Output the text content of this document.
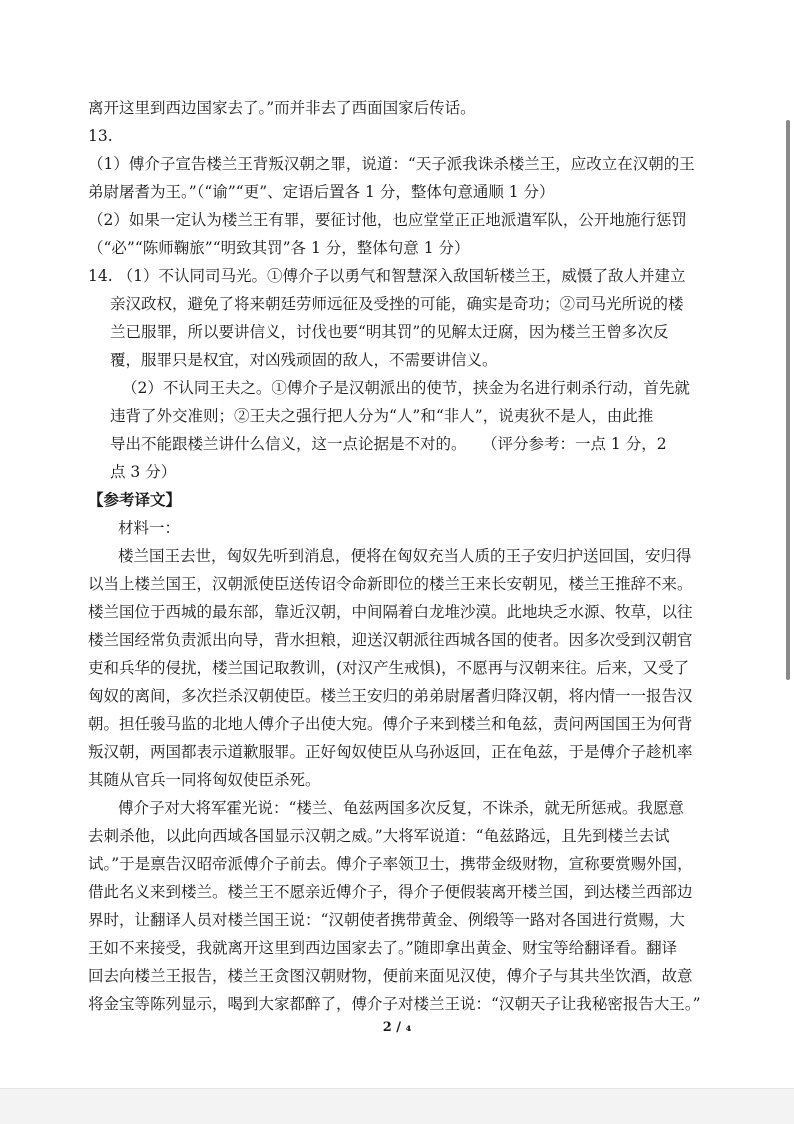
离开这里到西边国家去了。”而并非去了西面国家后传话。
13.
（1）傅介子宣告楼兰王背叛汉朝之罪，说道：“天子派我诛杀楼兰王，应改立在汉朝的王
弟尉屠耆为王。”（“谕”“更”、定语后置各 1 分，整体句意通顺 1 分）
（2）如果一定认为楼兰王有罪，要征讨他，也应堂堂正正地派遣军队，公开地施行惩罚
（“必”“陈师鞠旅”“明致其罚”各 1 分，整体句意 1 分）
14. （1）不认同司马光。①傅介子以勇气和智慧深入敌国斩楼兰王，威慑了敌人并建立
亲汉政权，避免了将来朝廷劳师远征及受挫的可能，确实是奇功；②司马光所说的楼
兰已服罪，所以要讲信义，讨伐也要“明其罚”的见解太迂腐，因为楼兰王曾多次反
覆，服罪只是权宜，对凶残顽固的敌人，不需要讲信义。
（2）不认同王夫之。①傅介子是汉朝派出的使节，挟金为名进行刺杀行动，首先就
违背了外交准则；②王夫之强行把人分为“人”和“非人”，说夷狄不是人，由此推
导出不能跟楼兰讲什么信义，这一点论据是不对的。　　（评分参考：一点 1 分，2
点 3 分）
【参考译文】
材料一：
楼兰国王去世，匈奴先听到消息，便将在匈奴充当人质的王子安归护送回国，安归得
以当上楼兰国王，汉朝派使臣送传诏令命新即位的楼兰王来长安朝见，楼兰王推辞不来。
楼兰国位于西城的最东部，靠近汉朝，中间隔着白龙堆沙漠。此地块乏水源、牧草，以往
楼兰国经常负责派出向导，背水担粮，迎送汉朝派往西城各国的使者。因多次受到汉朝官
吏和兵华的侵扰，楼兰国记取教训，(对汉产生戒惧)，不愿再与汉朝来往。后来，又受了
匈奴的离间，多次拦杀汉朝使臣。楼兰王安归的弟弟尉屠耆归降汉朝，将内情一一报告汉
朝。担任骏马监的北地人傅介子出使大宛。傅介子来到楼兰和龟兹，责问两国国王为何背
叛汉朝，两国都表示道歉服罪。正好匈奴使臣从乌孙返回，正在龟兹，于是傅介子趁机率
其随从官兵一同将匈奴使臣杀死。
傅介子对大将军霍光说：“楼兰、龟兹两国多次反复，不诛杀，就无所惩戒。我愿意
去刺杀他，以此向西域各国显示汉朝之威。”大将军说道：“龟兹路远，且先到楼兰去试
试。”于是禀告汉昭帝派傅介子前去。傅介子率领卫士，携带金级财物，宣称要赏赐外国，
借此名义来到楼兰。楼兰王不愿亲近傅介子，得介子便假装离开楼兰国，到达楼兰西部边
界时，让翻译人员对楼兰国王说：“汉朝使者携带黄金、例缎等一路对各国进行赏赐，大
王如不来接受，我就离开这里到西边国家去了。”随即拿出黄金、财宝等给翻译看。翻译
回去向楼兰王报告，楼兰王贪图汉朝财物，便前来面见汉使，傅介子与其共坐饮酒，故意
将金宝等陈列显示，喝到大家都醉了，傅介子对楼兰王说：“汉朝天子让我秘密报告大王。”
2 / ₄
